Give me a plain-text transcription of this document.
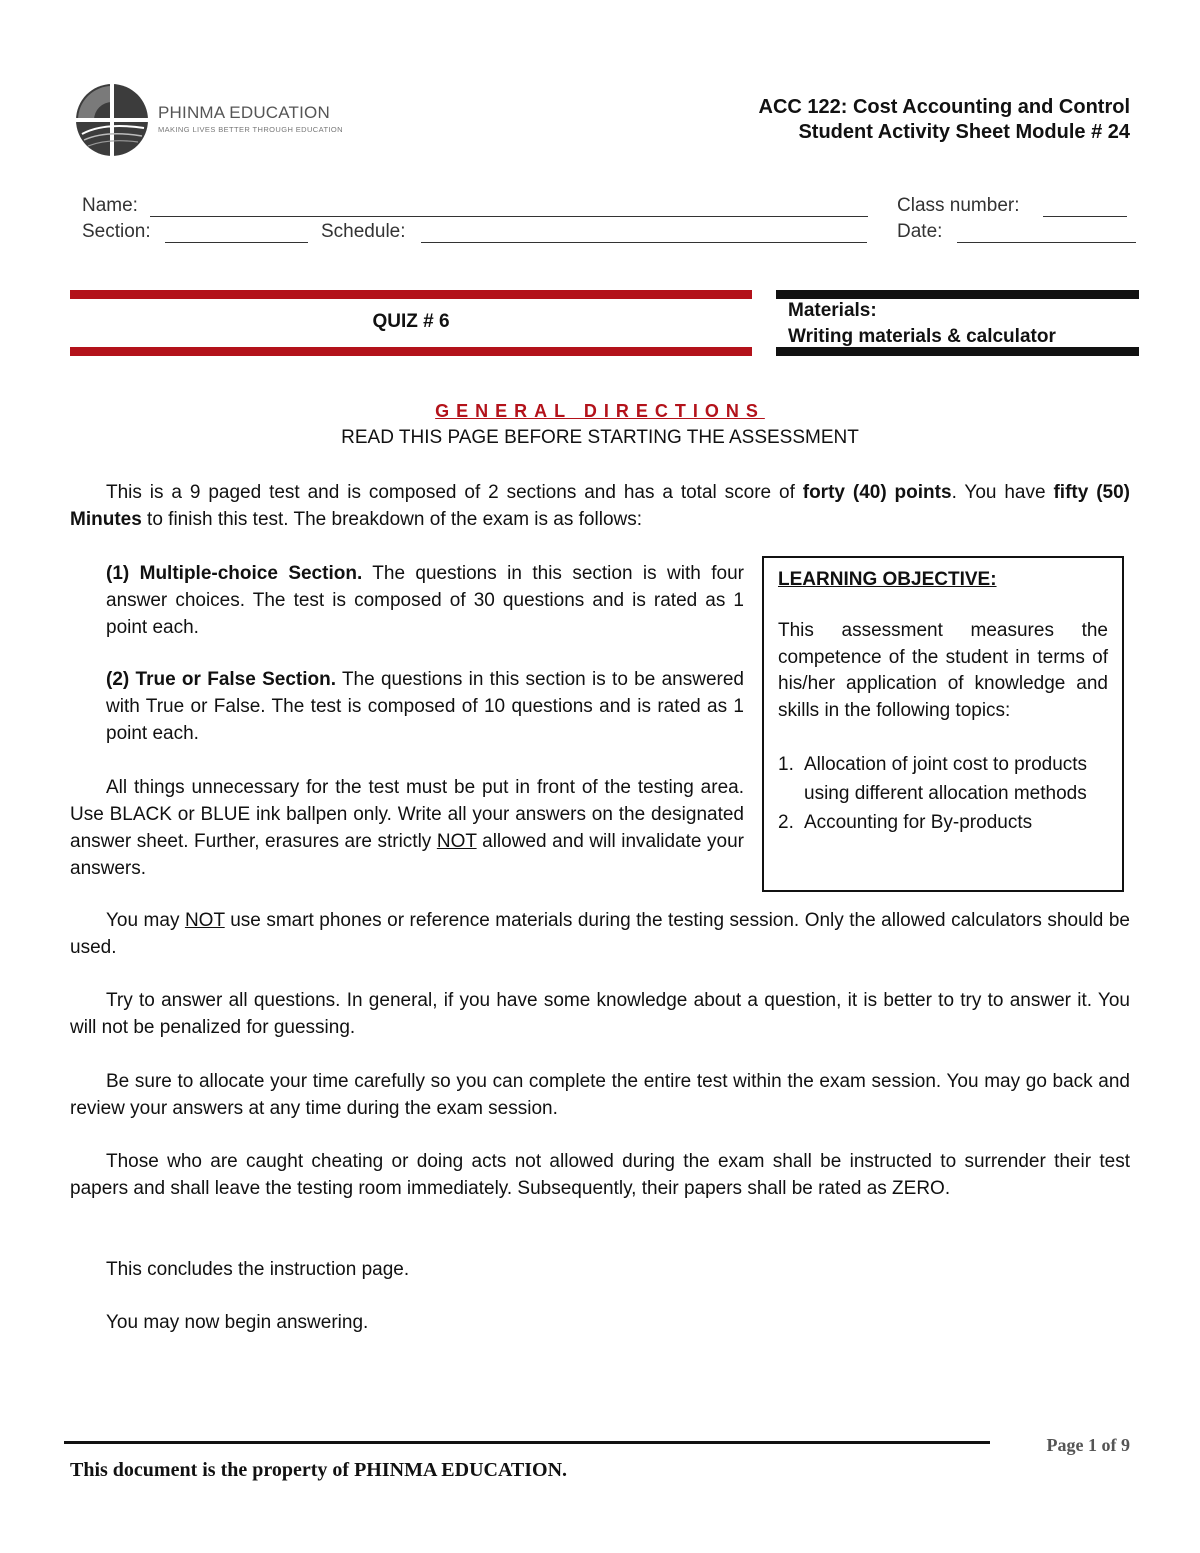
PHINMA EDUCATION
MAKING LIVES BETTER THROUGH EDUCATION
ACC 122: Cost Accounting and Control
Student Activity Sheet Module # 24
Name:	Class number:
Section:	Schedule:	Date:
QUIZ # 6
Materials:
Writing materials & calculator
GENERAL DIRECTIONS
READ THIS PAGE BEFORE STARTING THE ASSESSMENT

This is a 9 paged test and is composed of 2 sections and has a total score of forty (40) points. You have fifty (50) Minutes to finish this test. The breakdown of the exam is as follows:

(1) Multiple-choice Section. The questions in this section is with four answer choices. The test is composed of 30 questions and is rated as 1 point each.

(2) True or False Section. The questions in this section is to be answered with True or False. The test is composed of 10 questions and is rated as 1 point each.

All things unnecessary for the test must be put in front of the testing area. Use BLACK or BLUE ink ballpen only. Write all your answers on the designated answer sheet. Further, erasures are strictly NOT allowed and will invalidate your answers.

LEARNING OBJECTIVE:
This assessment measures the competence of the student in terms of his/her application of knowledge and skills in the following topics:
1. Allocation of joint cost to products using different allocation methods
2. Accounting for By-products

You may NOT use smart phones or reference materials during the testing session. Only the allowed calculators should be used.

Try to answer all questions. In general, if you have some knowledge about a question, it is better to try to answer it. You will not be penalized for guessing.

Be sure to allocate your time carefully so you can complete the entire test within the exam session. You may go back and review your answers at any time during the exam session.

Those who are caught cheating or doing acts not allowed during the exam shall be instructed to surrender their test papers and shall leave the testing room immediately. Subsequently, their papers shall be rated as ZERO.

This concludes the instruction page.

You may now begin answering.

Page 1 of 9
This document is the property of PHINMA EDUCATION.
